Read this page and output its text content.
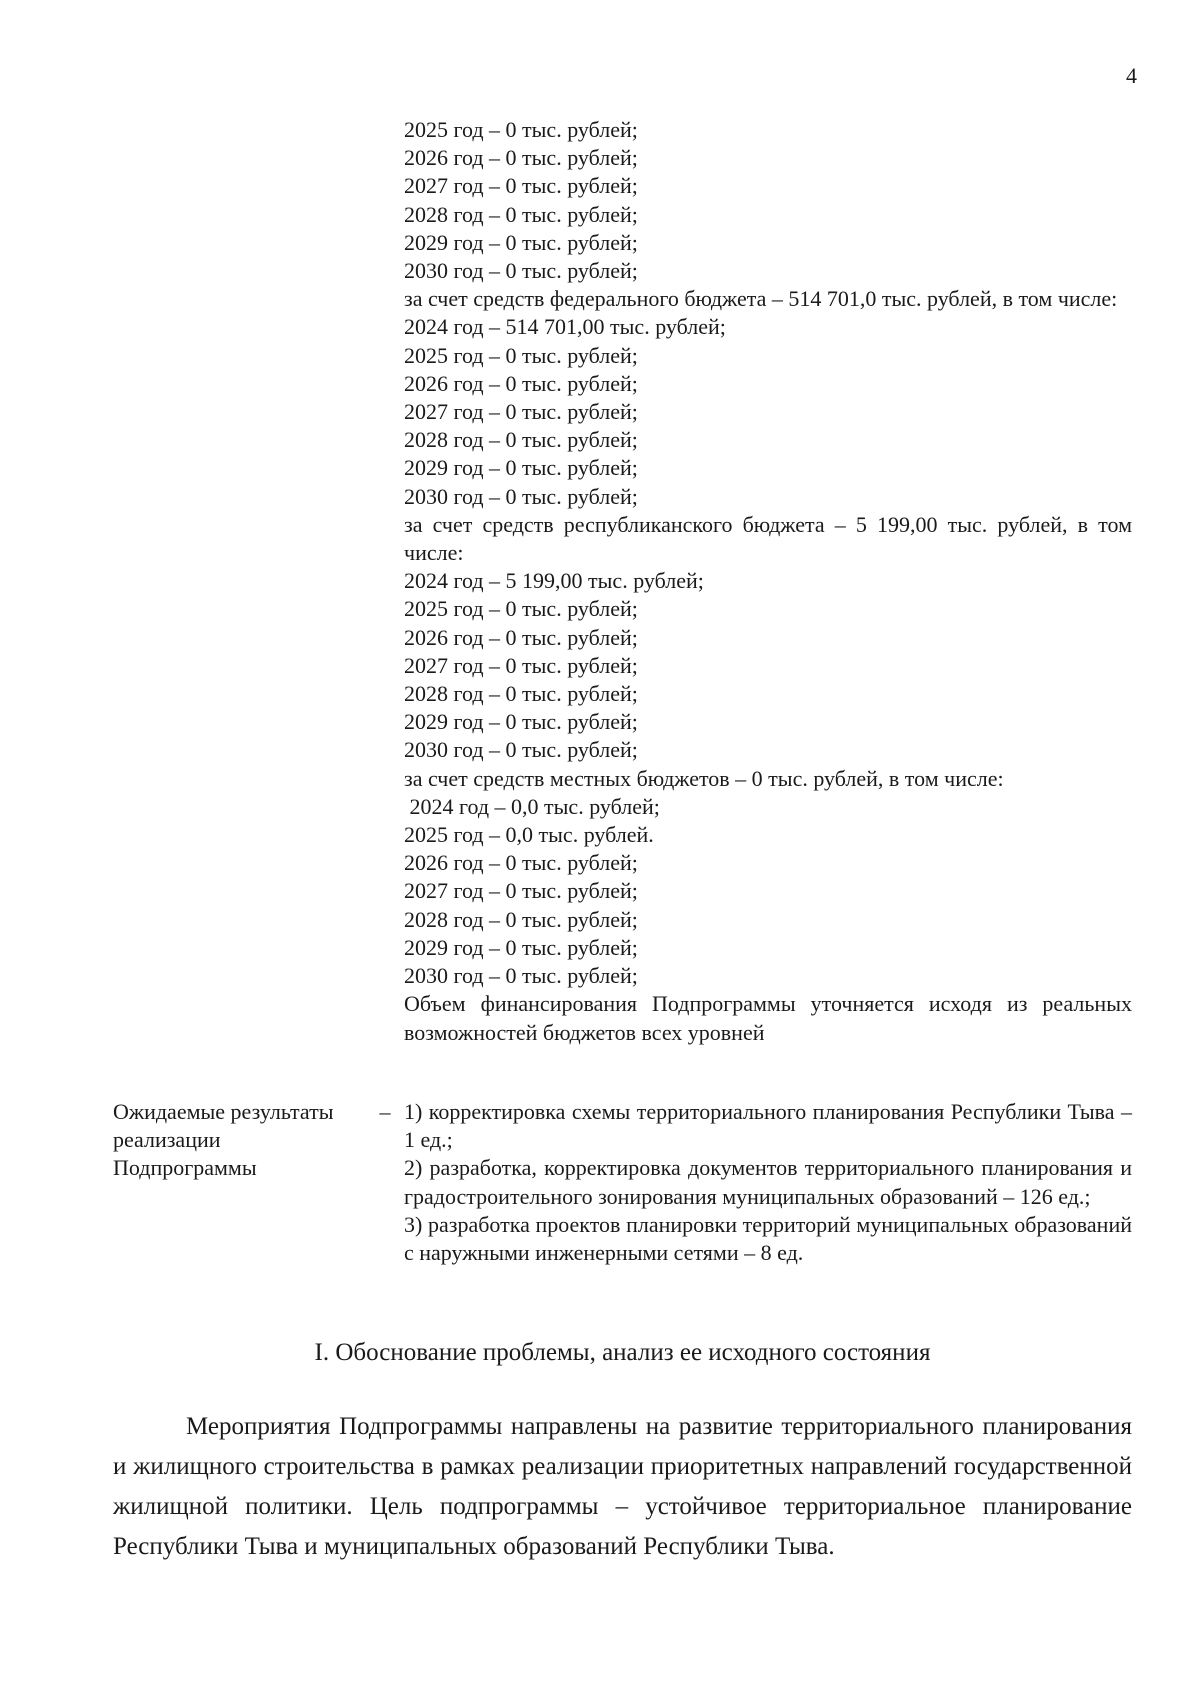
4
2025 год – 0 тыс. рублей;
2026 год – 0 тыс. рублей;
2027 год – 0 тыс. рублей;
2028 год – 0 тыс. рублей;
2029 год – 0 тыс. рублей;
2030 год – 0 тыс. рублей;
за счет средств федерального бюджета – 514 701,0 тыс. рублей, в том числе:
2024 год – 514 701,00 тыс. рублей;
2025 год – 0 тыс. рублей;
2026 год – 0 тыс. рублей;
2027 год – 0 тыс. рублей;
2028 год – 0 тыс. рублей;
2029 год – 0 тыс. рублей;
2030 год – 0 тыс. рублей;
за счет средств республиканского бюджета – 5 199,00 тыс. рублей, в том числе:
2024 год – 5 199,00 тыс. рублей;
2025 год – 0 тыс. рублей;
2026 год – 0 тыс. рублей;
2027 год – 0 тыс. рублей;
2028 год – 0 тыс. рублей;
2029 год – 0 тыс. рублей;
2030 год – 0 тыс. рублей;
за счет средств местных бюджетов – 0 тыс. рублей, в том числе:
2024 год – 0,0 тыс. рублей;
2025 год – 0,0 тыс. рублей.
2026 год – 0 тыс. рублей;
2027 год – 0 тыс. рублей;
2028 год – 0 тыс. рублей;
2029 год – 0 тыс. рублей;
2030 год – 0 тыс. рублей;
Объем финансирования Подпрограммы уточняется исходя из реальных возможностей бюджетов всех уровней
Ожидаемые результаты реализации Подпрограммы
– 1) корректировка схемы территориального планирования Республики Тыва – 1 ед.;
2) разработка, корректировка документов территориального планирования и градостроительного зонирования муниципальных образований – 126 ед.;
3) разработка проектов планировки территорий муниципальных образований с наружными инженерными сетями – 8 ед.
I. Обоснование проблемы, анализ ее исходного состояния
Мероприятия Подпрограммы направлены на развитие территориального планирования и жилищного строительства в рамках реализации приоритетных направлений государственной жилищной политики. Цель подпрограммы – устойчивое территориальное планирование Республики Тыва и муниципальных образований Республики Тыва.
